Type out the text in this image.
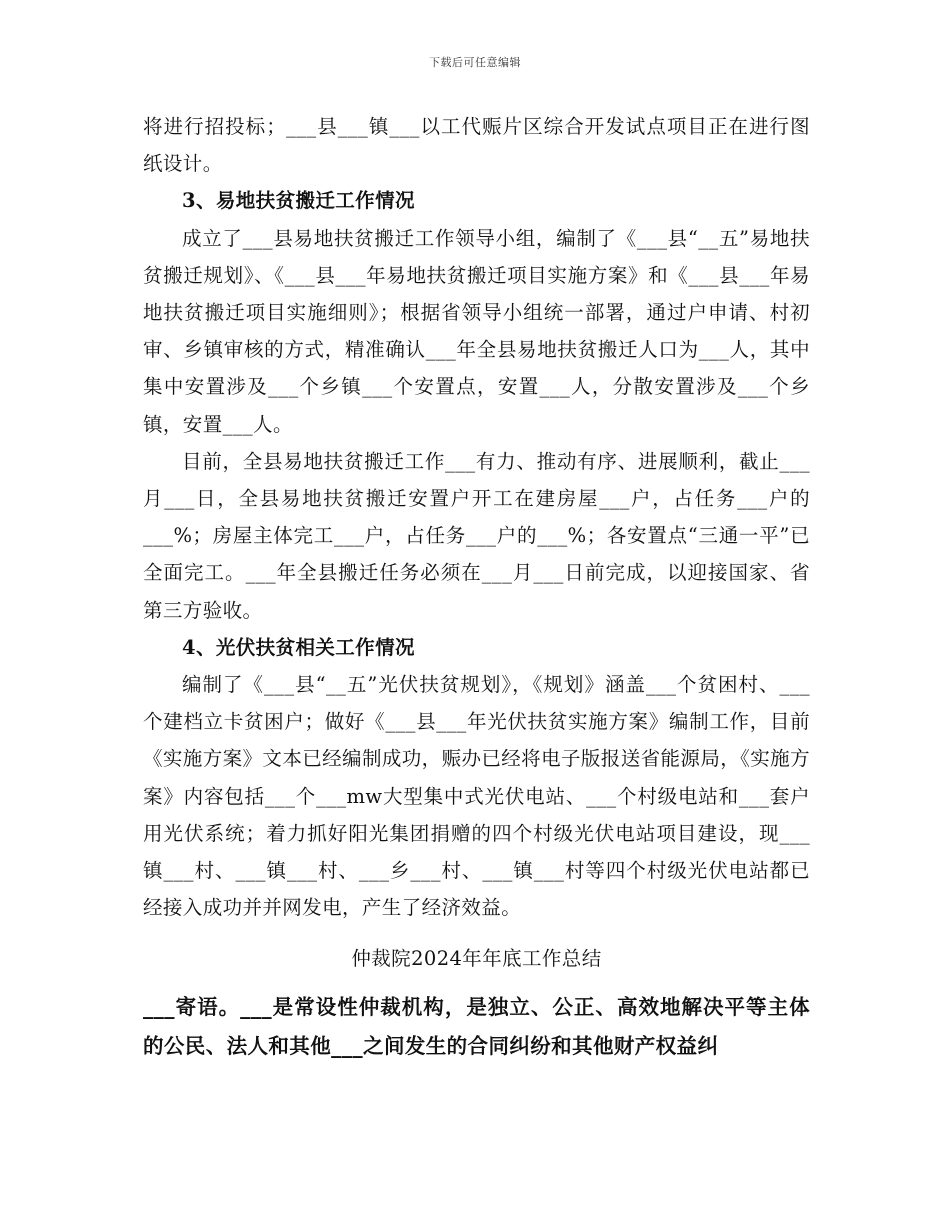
下载后可任意编辑

将进行招投标；___县___镇___以工代赈片区综合开发试点项目正在进行图纸设计。

3、易地扶贫搬迁工作情况

成立了___县易地扶贫搬迁工作领导小组，编制了《___县“__五”易地扶贫搬迁规划》、《___县___年易地扶贫搬迁项目实施方案》和《___县___年易地扶贫搬迁项目实施细则》；根据省领导小组统一部署，通过户申请、村初审、乡镇审核的方式，精准确认___年全县易地扶贫搬迁人口为___人，其中集中安置涉及___个乡镇___个安置点，安置___人，分散安置涉及___个乡镇，安置___人。

目前，全县易地扶贫搬迁工作___有力、推动有序、进展顺利，截止___月___日，全县易地扶贫搬迁安置户开工在建房屋___户，占任务___户的___%；房屋主体完工___户，占任务___户的___%；各安置点“三通一平”已全面完工。___年全县搬迁任务必须在___月___日前完成，以迎接国家、省第三方验收。

4、光伏扶贫相关工作情况

编制了《___县“__五”光伏扶贫规划》，《规划》涵盖___个贫困村、___个建档立卡贫困户；做好《___县___年光伏扶贫实施方案》编制工作，目前《实施方案》文本已经编制成功，赈办已经将电子版报送省能源局，《实施方案》内容包括___个___mw大型集中式光伏电站、___个村级电站和___套户用光伏系统；着力抓好阳光集团捐赠的四个村级光伏电站项目建设，现___镇___村、___镇___村、___乡___村、___镇___村等四个村级光伏电站都已经接入成功并并网发电，产生了经济效益。

仲裁院2024年年底工作总结

___寄语。___是常设性仲裁机构，是独立、公正、高效地解决平等主体的公民、法人和其他___之间发生的合同纠纷和其他财产权益纠
